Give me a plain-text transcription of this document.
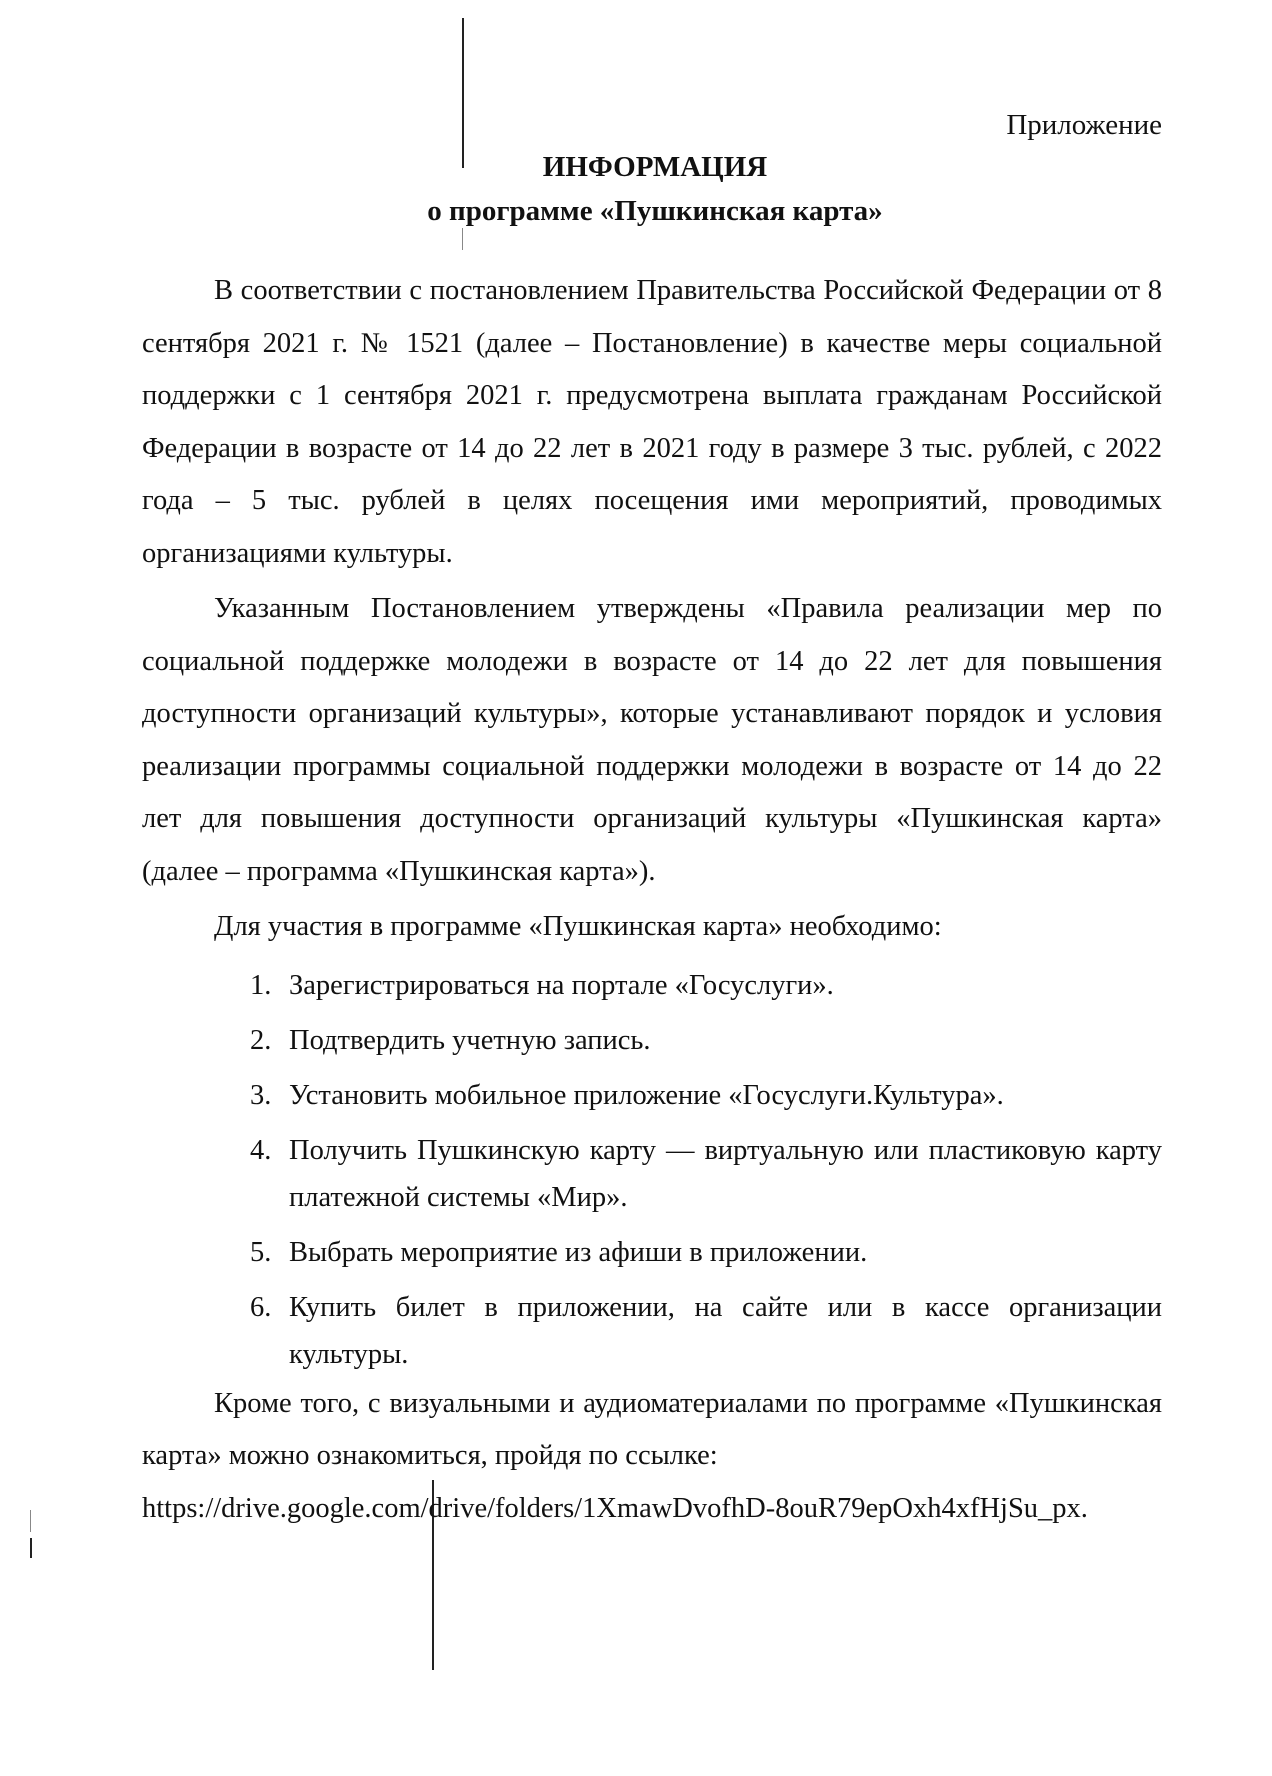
Приложение

ИНФОРМАЦИЯ

о программе «Пушкинская карта»

В соответствии с постановлением Правительства Российской Федерации от 8 сентября 2021 г. № 1521 (далее – Постановление) в качестве меры социальной поддержки с 1 сентября 2021 г. предусмотрена выплата гражданам Российской Федерации в возрасте от 14 до 22 лет в 2021 году в размере 3 тыс. рублей, с 2022 года – 5 тыс. рублей в целях посещения ими мероприятий, проводимых организациями культуры.

Указанным Постановлением утверждены «Правила реализации мер по социальной поддержке молодежи в возрасте от 14 до 22 лет для повышения доступности организаций культуры», которые устанавливают порядок и условия реализации программы социальной поддержки молодежи в возрасте от 14 до 22 лет для повышения доступности организаций культуры «Пушкинская карта» (далее – программа «Пушкинская карта»).

Для участия в программе «Пушкинская карта» необходимо:

1. Зарегистрироваться на портале «Госуслуги».
2. Подтвердить учетную запись.
3. Установить мобильное приложение «Госуслуги.Культура».
4. Получить Пушкинскую карту — виртуальную или пластиковую карту платежной системы «Мир».
5. Выбрать мероприятие из афиши в приложении.
6. Купить билет в приложении, на сайте или в кассе организации культуры.

Кроме того, с визуальными и аудиоматериалами по программе «Пушкинская карта» можно ознакомиться, пройдя по ссылке:

https://drive.google.com/drive/folders/1XmawDvofhD-8ouR79epOxh4xfHjSu_px.
